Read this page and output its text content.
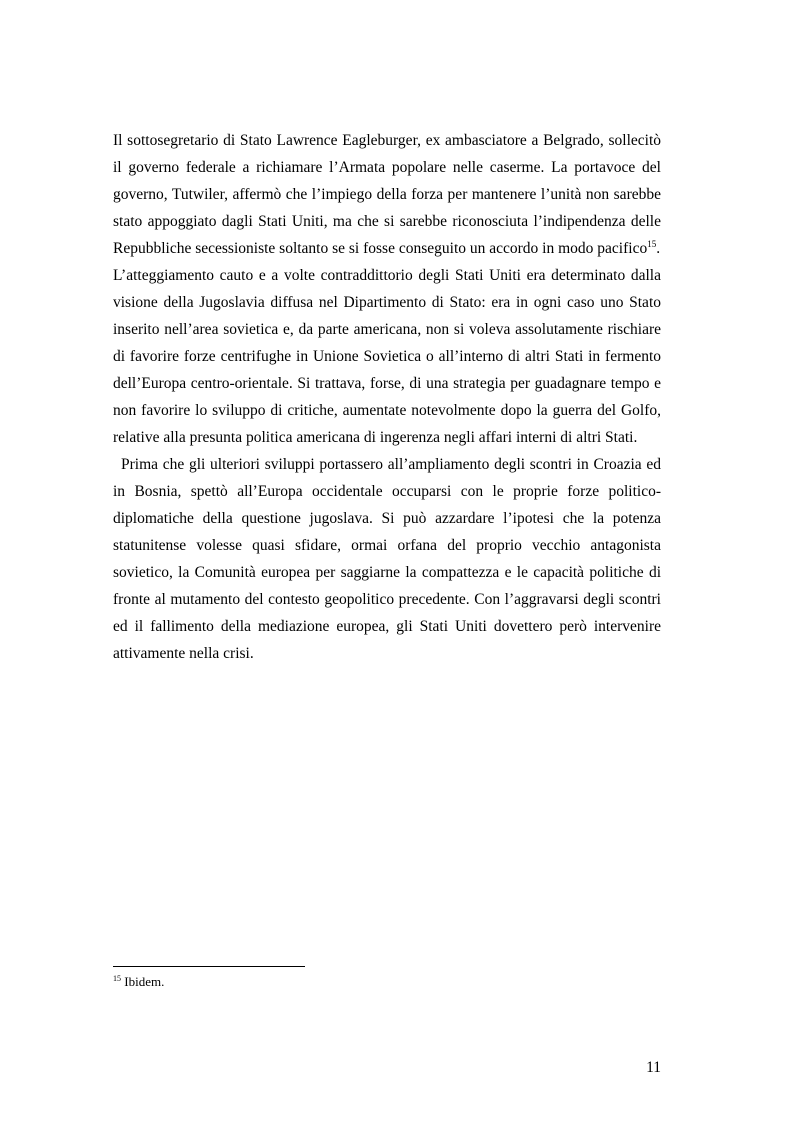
Il sottosegretario di Stato Lawrence Eagleburger, ex ambasciatore a Belgrado, sollecitò il governo federale a richiamare l’Armata popolare nelle caserme. La portavoce del governo, Tutwiler, affermò che l’impiego della forza per mantenere l’unità non sarebbe stato appoggiato dagli Stati Uniti, ma che si sarebbe riconosciuta l’indipendenza delle Repubbliche secessioniste soltanto se si fosse conseguito un accordo in modo pacifico$^{15}$.

L’atteggiamento cauto e a volte contraddittorio degli Stati Uniti era determinato dalla visione della Jugoslavia diffusa nel Dipartimento di Stato: era in ogni caso uno Stato inserito nell’area sovietica e, da parte americana, non si voleva assolutamente rischiare di favorire forze centrifughe in Unione Sovietica o all’interno di altri Stati in fermento dell’Europa centro-orientale. Si trattava, forse, di una strategia per guadagnare tempo e non favorire lo sviluppo di critiche, aumentate notevolmente dopo la guerra del Golfo, relative alla presunta politica americana di ingerenza negli affari interni di altri Stati.

Prima che gli ulteriori sviluppi portassero all’ampliamento degli scontri in Croazia ed in Bosnia, spettò all’Europa occidentale occuparsi con le proprie forze politico-diplomatiche della questione jugoslava. Si può azzardare l’ipotesi che la potenza statunitense volesse quasi sfidare, ormai orfana del proprio vecchio antagonista sovietico, la Comunità europea per saggiarne la compattezza e le capacità politiche di fronte al mutamento del contesto geopolitico precedente. Con l’aggravarsi degli scontri ed il fallimento della mediazione europea, gli Stati Uniti dovettero però intervenire attivamente nella crisi.

$^{15}$ Ibidem.
11
